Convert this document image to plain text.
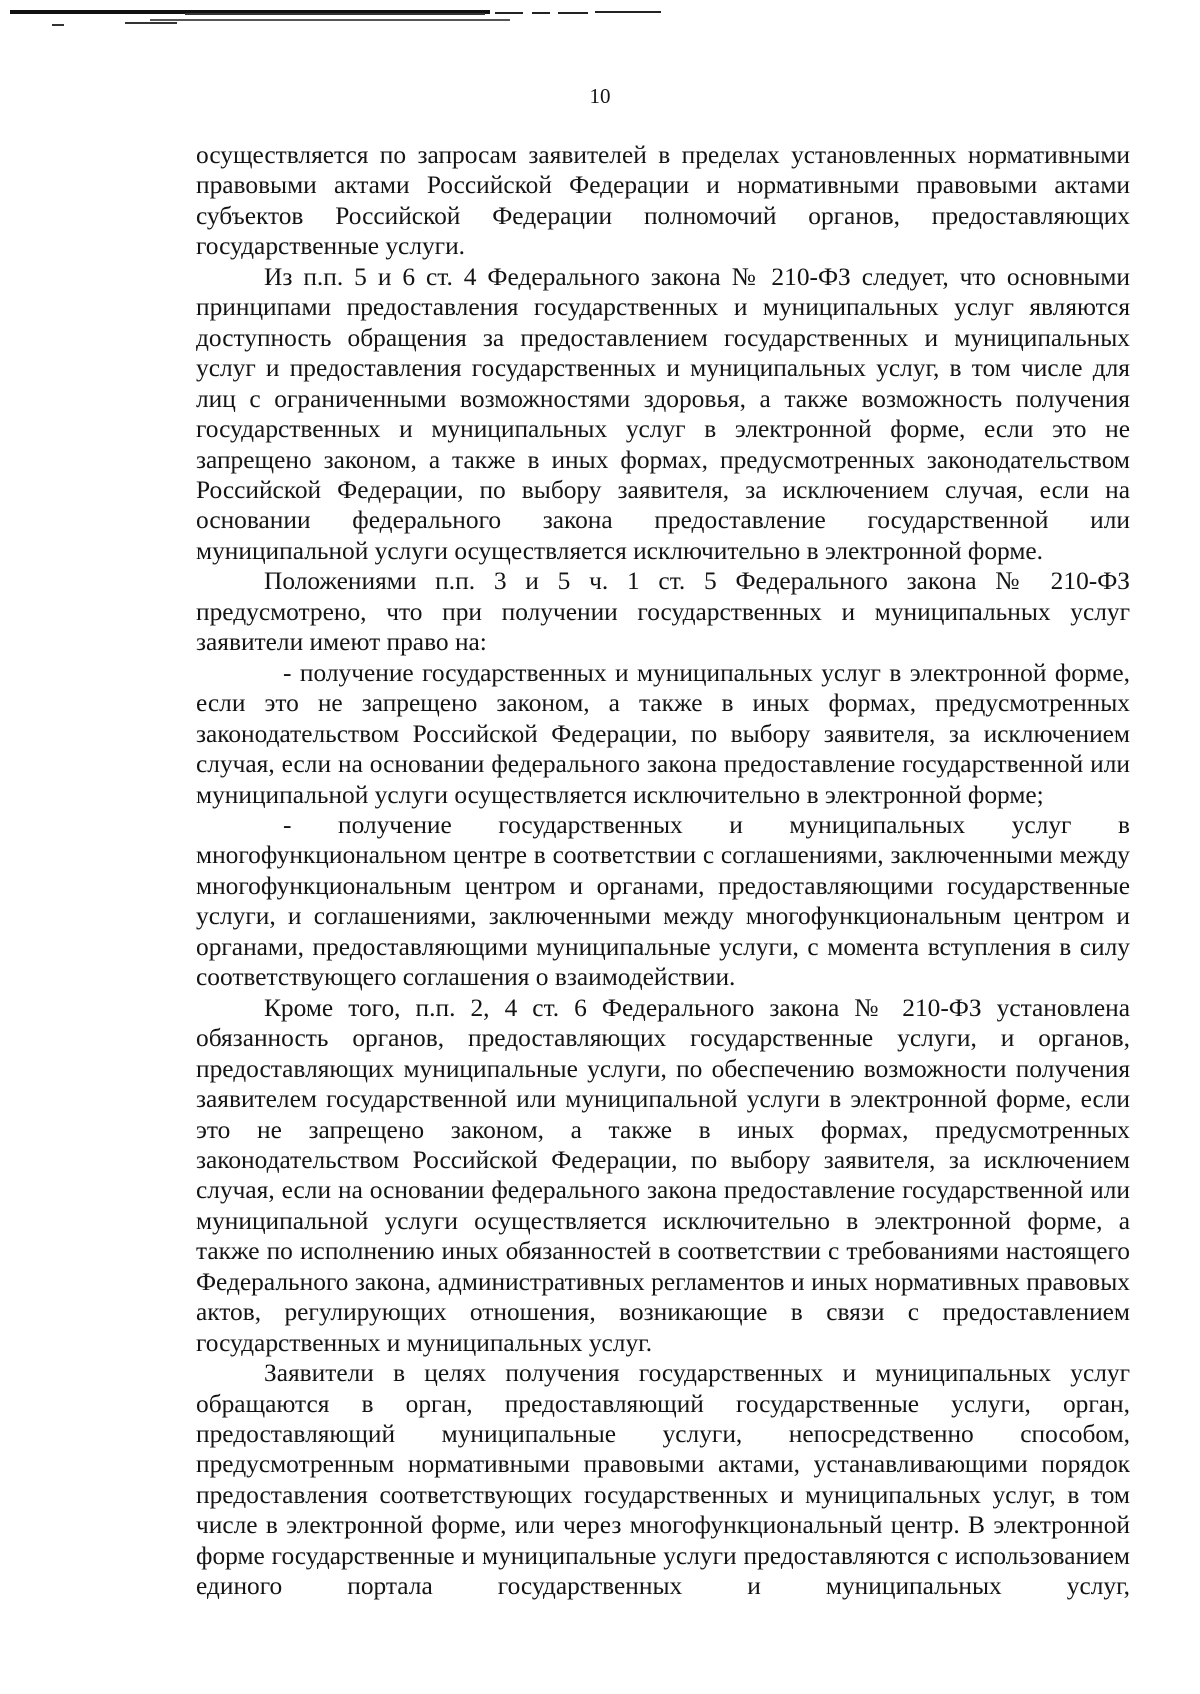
10

осуществляется по запросам заявителей в пределах установленных нормативными правовыми актами Российской Федерации и нормативными правовыми актами субъектов Российской Федерации полномочий органов, предоставляющих государственные услуги.

Из п.п. 5 и 6 ст. 4 Федерального закона № 210-ФЗ следует, что основными принципами предоставления государственных и муниципальных услуг являются доступность обращения за предоставлением государственных и муниципальных услуг и предоставления государственных и муниципальных услуг, в том числе для лиц с ограниченными возможностями здоровья, а также возможность получения государственных и муниципальных услуг в электронной форме, если это не запрещено законом, а также в иных формах, предусмотренных законодательством Российской Федерации, по выбору заявителя, за исключением случая, если на основании федерального закона предоставление государственной или муниципальной услуги осуществляется исключительно в электронной форме.

Положениями п.п. 3 и 5 ч. 1 ст. 5 Федерального закона № 210-ФЗ предусмотрено, что при получении государственных и муниципальных услуг заявители имеют право на:

- получение государственных и муниципальных услуг в электронной форме, если это не запрещено законом, а также в иных формах, предусмотренных законодательством Российской Федерации, по выбору заявителя, за исключением случая, если на основании федерального закона предоставление государственной или муниципальной услуги осуществляется исключительно в электронной форме;

- получение государственных и муниципальных услуг в многофункциональном центре в соответствии с соглашениями, заключенными между многофункциональным центром и органами, предоставляющими государственные услуги, и соглашениями, заключенными между многофункциональным центром и органами, предоставляющими муниципальные услуги, с момента вступления в силу соответствующего соглашения о взаимодействии.

Кроме того, п.п. 2, 4 ст. 6 Федерального закона № 210-ФЗ установлена обязанность органов, предоставляющих государственные услуги, и органов, предоставляющих муниципальные услуги, по обеспечению возможности получения заявителем государственной или муниципальной услуги в электронной форме, если это не запрещено законом, а также в иных формах, предусмотренных законодательством Российской Федерации, по выбору заявителя, за исключением случая, если на основании федерального закона предоставление государственной или муниципальной услуги осуществляется исключительно в электронной форме, а также по исполнению иных обязанностей в соответствии с требованиями настоящего Федерального закона, административных регламентов и иных нормативных правовых актов, регулирующих отношения, возникающие в связи с предоставлением государственных и муниципальных услуг.

Заявители в целях получения государственных и муниципальных услуг обращаются в орган, предоставляющий государственные услуги, орган, предоставляющий муниципальные услуги, непосредственно способом, предусмотренным нормативными правовыми актами, устанавливающими порядок предоставления соответствующих государственных и муниципальных услуг, в том числе в электронной форме, или через многофункциональный центр. В электронной форме государственные и муниципальные услуги предоставляются с использованием единого портала государственных и муниципальных услуг,
